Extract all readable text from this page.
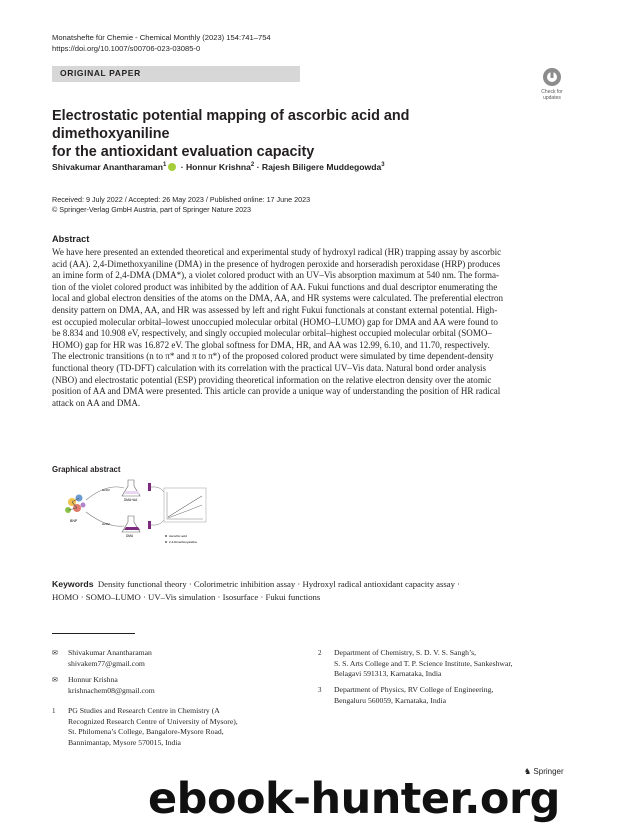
Monatshefte für Chemie - Chemical Monthly (2023) 154:741–754
https://doi.org/10.1007/s00706-023-03085-0
ORIGINAL PAPER
Check for
updates
Electrostatic potential mapping of ascorbic acid and dimethoxyaniline
for the antioxidant evaluation capacity
Shivakumar Anantharaman$^1$ · Honnur Krishna$^2$ · Rajesh Biligere Muddegowda$^3$
Received: 9 July 2022 / Accepted: 26 May 2023 / Published online: 17 June 2023
© Springer-Verlag GmbH Austria, part of Springer Nature 2023
Abstract
We have here presented an extended theoretical and experimental study of hydroxyl radical (HR) trapping assay by ascorbic
acid (AA). 2,4-Dimethoxyaniline (DMA) in the presence of hydrogen peroxide and horseradish peroxidase (HRP) produces
an imine form of 2,4-DMA (DMA*), a violet colored product with an UV–Vis absorption maximum at 540 nm. The forma-
tion of the violet colored product was inhibited by the addition of AA. Fukui functions and dual descriptor enumerating the
local and global electron densities of the atoms on the DMA, AA, and HR systems were calculated. The preferential electron
density pattern on DMA, AA, and HR was assessed by left and right Fukui functionals at constant external potential. High-
est occupied molecular orbital–lowest unoccupied molecular orbital (HOMO–LUMO) gap for DMA and AA were found to
be 8.834 and 10.908 eV, respectively, and singly occupied molecular orbital–highest occupied molecular orbital (SOMO–
HOMO) gap for HR was 16.872 eV. The global softness for DMA, HR, and AA was 12.99, 6.10, and 11.70, respectively.
The electronic transitions (n to π* and π to π*) of the proposed colored product were simulated by time dependent-density
functional theory (TD-DFT) calculation with its correlation with the practical UV–Vis data. Natural bond order analysis
(NBO) and electrostatic potential (ESP) providing theoretical information on the relative electron density over the atomic
position of AA and DMA were presented. This article can provide a unique way of understanding the position of HR radical
attack on AA and DMA.
Graphical abstract
BNP
H2O2
H2O2
DMA+AA
DMA	Ascorbic acid
2,4-Dimethoxyaniline
Keywords Density functional theory · Colorimetric inhibition assay · Hydroxyl radical antioxidant capacity assay ·
HOMO · SOMO–LUMO · UV–Vis simulation · Isosurface · Fukui functions
✉ Shivakumar Anantharaman
shivakem77@gmail.com
✉ Honnur Krishna
krishnachem08@gmail.com
1 PG Studies and Research Centre in Chemistry (A
Recognized Research Centre of University of Mysore),
St. Philomena’s College, Bangalore-Mysore Road,
Bannimantap, Mysore 570015, India
2 Department of Chemistry, S. D. V. S. Sangh’s,
S. S. Arts College and T. P. Science Institute, Sankeshwar,
Belagavi 591313, Karnataka, India
3 Department of Physics, RV College of Engineering,
Bengaluru 560059, Karnataka, India
♞ Springer
ebook-hunter.org
